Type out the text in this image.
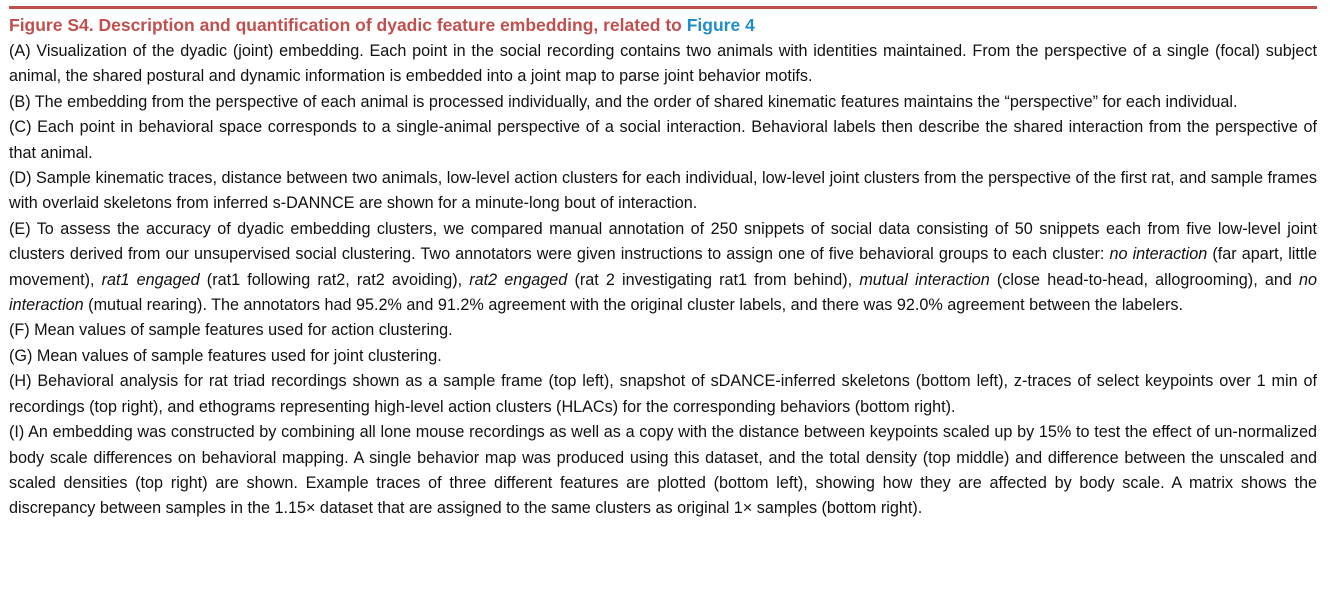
Figure S4. Description and quantification of dyadic feature embedding, related to Figure 4

(A) Visualization of the dyadic (joint) embedding. Each point in the social recording contains two animals with identities maintained. From the perspective of a single (focal) subject animal, the shared postural and dynamic information is embedded into a joint map to parse joint behavior motifs.

(B) The embedding from the perspective of each animal is processed individually, and the order of shared kinematic features maintains the “perspective” for each individual.

(C) Each point in behavioral space corresponds to a single-animal perspective of a social interaction. Behavioral labels then describe the shared interaction from the perspective of that animal.

(D) Sample kinematic traces, distance between two animals, low-level action clusters for each individual, low-level joint clusters from the perspective of the first rat, and sample frames with overlaid skeletons from inferred s-DANNCE are shown for a minute-long bout of interaction.

(E) To assess the accuracy of dyadic embedding clusters, we compared manual annotation of 250 snippets of social data consisting of 50 snippets each from five low-level joint clusters derived from our unsupervised social clustering. Two annotators were given instructions to assign one of five behavioral groups to each cluster: no interaction (far apart, little movement), rat1 engaged (rat1 following rat2, rat2 avoiding), rat2 engaged (rat 2 investigating rat1 from behind), mutual interaction (close head-to-head, allogrooming), and no interaction (mutual rearing). The annotators had 95.2% and 91.2% agreement with the original cluster labels, and there was 92.0% agreement between the labelers.

(F) Mean values of sample features used for action clustering.

(G) Mean values of sample features used for joint clustering.

(H) Behavioral analysis for rat triad recordings shown as a sample frame (top left), snapshot of sDANCE-inferred skeletons (bottom left), z-traces of select keypoints over 1 min of recordings (top right), and ethograms representing high-level action clusters (HLACs) for the corresponding behaviors (bottom right).

(I) An embedding was constructed by combining all lone mouse recordings as well as a copy with the distance between keypoints scaled up by 15% to test the effect of un-normalized body scale differences on behavioral mapping. A single behavior map was produced using this dataset, and the total density (top middle) and difference between the unscaled and scaled densities (top right) are shown. Example traces of three different features are plotted (bottom left), showing how they are affected by body scale. A matrix shows the discrepancy between samples in the 1.15× dataset that are assigned to the same clusters as original 1× samples (bottom right).
